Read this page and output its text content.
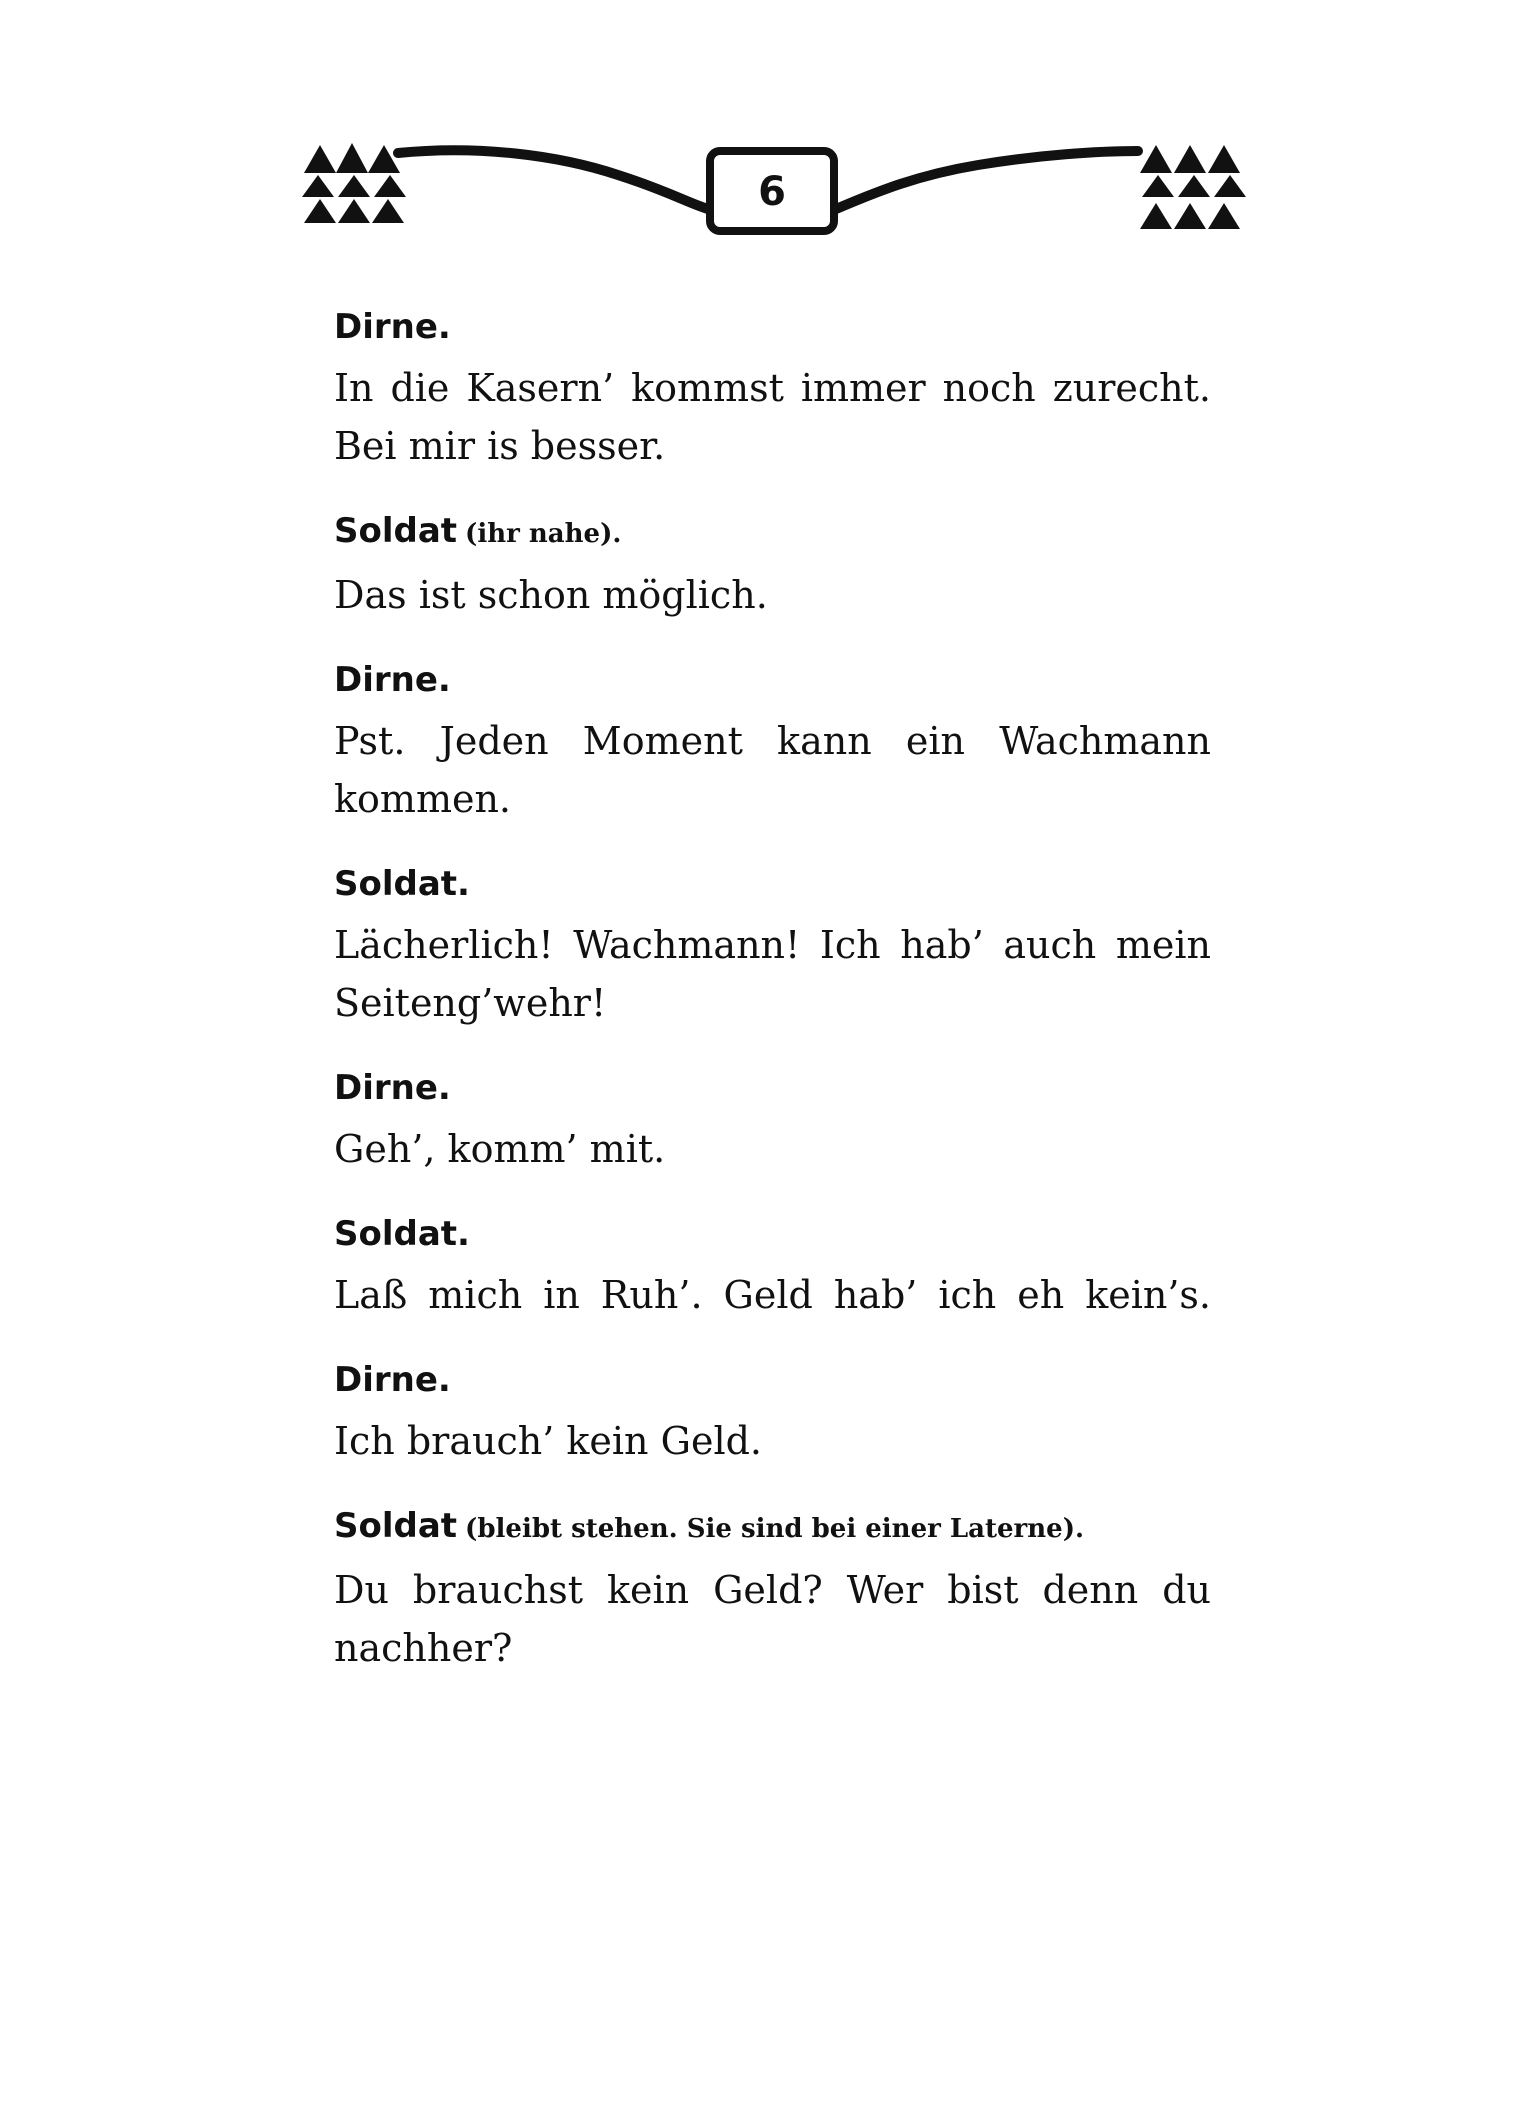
6

Dirne.

In die Kasern’ kommst immer noch zurecht.

Bei mir is besser.

Soldat (ihr nahe).

Das ist schon möglich.

Dirne.

Pst. Jeden Moment kann ein Wachmann

kommen.

Soldat.

Lächerlich! Wachmann! Ich hab’ auch mein

Seiteng’wehr!

Dirne.

Geh’, komm’ mit.

Soldat.

Laß mich in Ruh’. Geld hab’ ich eh kein’s.

Dirne.

Ich brauch’ kein Geld.

Soldat (bleibt stehen. Sie sind bei einer Laterne).

Du brauchst kein Geld? Wer bist denn du

nachher?
